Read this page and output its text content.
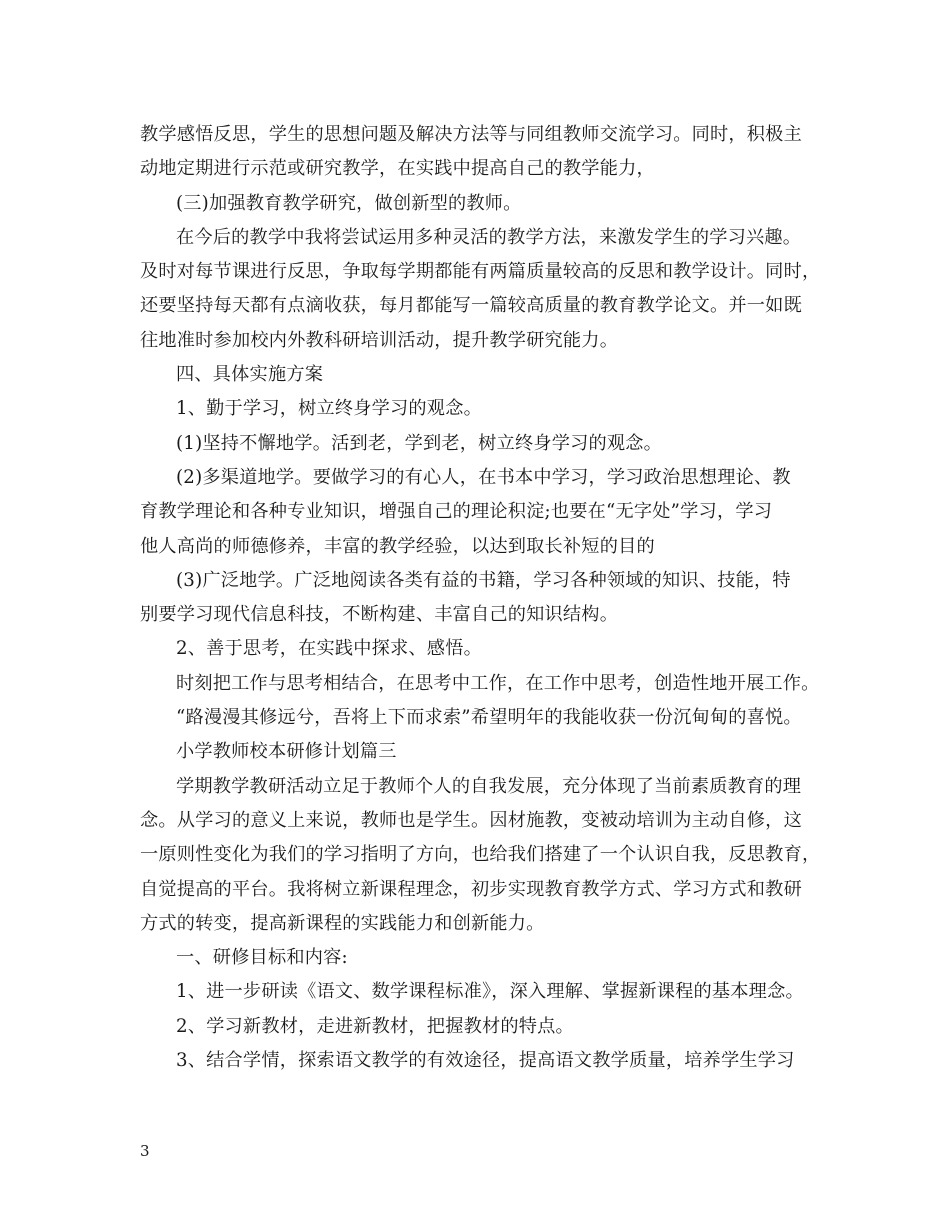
教学感悟反思，学生的思想问题及解决方法等与同组教师交流学习。同时，积极主
动地定期进行示范或研究教学，在实践中提高自己的教学能力，
(三)加强教育教学研究，做创新型的教师。
在今后的教学中我将尝试运用多种灵活的教学方法，来激发学生的学习兴趣。
及时对每节课进行反思，争取每学期都能有两篇质量较高的反思和教学设计。同时，
还要坚持每天都有点滴收获，每月都能写一篇较高质量的教育教学论文。并一如既
往地准时参加校内外教科研培训活动，提升教学研究能力。
四、具体实施方案
1、勤于学习，树立终身学习的观念。
(1)坚持不懈地学。活到老，学到老，树立终身学习的观念。
(2)多渠道地学。要做学习的有心人，在书本中学习，学习政治思想理论、教
育教学理论和各种专业知识，增强自己的理论积淀;也要在“无字处”学习，学习
他人高尚的师德修养，丰富的教学经验，以达到取长补短的目的
(3)广泛地学。广泛地阅读各类有益的书籍，学习各种领域的知识、技能，特
别要学习现代信息科技，不断构建、丰富自己的知识结构。
2、善于思考，在实践中探求、感悟。
时刻把工作与思考相结合，在思考中工作，在工作中思考，创造性地开展工作。
“路漫漫其修远兮，吾将上下而求索”希望明年的我能收获一份沉甸甸的喜悦。
小学教师校本研修计划篇三
学期教学教研活动立足于教师个人的自我发展，充分体现了当前素质教育的理
念。从学习的意义上来说，教师也是学生。因材施教，变被动培训为主动自修，这
一原则性变化为我们的学习指明了方向，也给我们搭建了一个认识自我，反思教育，
自觉提高的平台。我将树立新课程理念，初步实现教育教学方式、学习方式和教研
方式的转变，提高新课程的实践能力和创新能力。
一、研修目标和内容:
1、进一步研读《语文、数学课程标准》，深入理解、掌握新课程的基本理念。
2、学习新教材，走进新教材，把握教材的特点。
3、结合学情，探索语文教学的有效途径，提高语文教学质量，培养学生学习
3
